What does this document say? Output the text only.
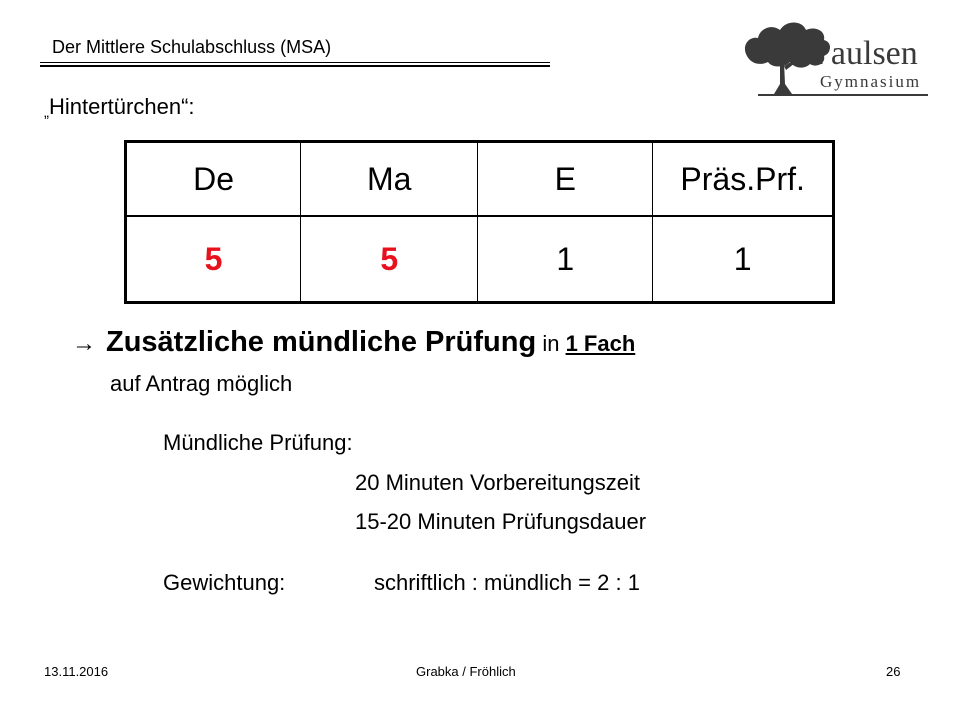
Der Mittlere Schulabschluss (MSA)	Paulsen
Gymnasium
„Hintertürchen“:
De	Ma	E	Präs.Prf.
5	5	1	1
→ Zusätzliche mündliche Prüfung in 1 Fach
auf Antrag möglich
Mündliche Prüfung:
20 Minuten Vorbereitungszeit
15-20 Minuten Prüfungsdauer
Gewichtung:	schriftlich : mündlich = 2 : 1
13.11.2016	Grabka / Fröhlich	26
